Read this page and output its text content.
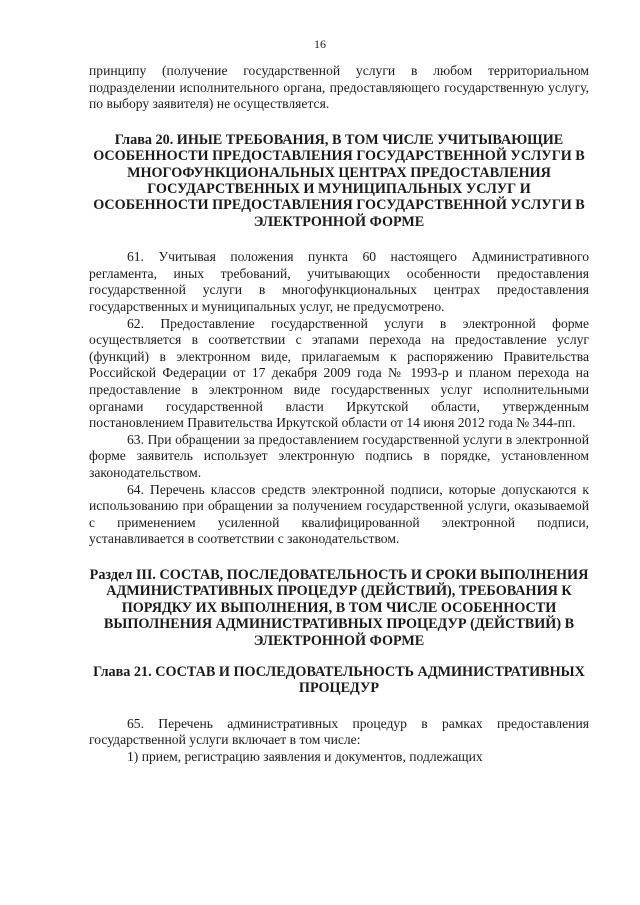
16

принципу (получение государственной услуги в любом территориальном подразделении исполнительного органа, предоставляющего государственную услугу, по выбору заявителя) не осуществляется.

Глава 20. ИНЫЕ ТРЕБОВАНИЯ, В ТОМ ЧИСЛЕ УЧИТЫВАЮЩИЕ ОСОБЕННОСТИ ПРЕДОСТАВЛЕНИЯ ГОСУДАРСТВЕННОЙ УСЛУГИ В МНОГОФУНКЦИОНАЛЬНЫХ ЦЕНТРАХ ПРЕДОСТАВЛЕНИЯ ГОСУДАРСТВЕННЫХ И МУНИЦИПАЛЬНЫХ УСЛУГ И ОСОБЕННОСТИ ПРЕДОСТАВЛЕНИЯ ГОСУДАРСТВЕННОЙ УСЛУГИ В ЭЛЕКТРОННОЙ ФОРМЕ

61. Учитывая положения пункта 60 настоящего Административного регламента, иных требований, учитывающих особенности предоставления государственной услуги в многофункциональных центрах предоставления государственных и муниципальных услуг, не предусмотрено.

62. Предоставление государственной услуги в электронной форме осуществляется в соответствии с этапами перехода на предоставление услуг (функций) в электронном виде, прилагаемым к распоряжению Правительства Российской Федерации от 17 декабря 2009 года № 1993-р и планом перехода на предоставление в электронном виде государственных услуг исполнительными органами государственной власти Иркутской области, утвержденным постановлением Правительства Иркутской области от 14 июня 2012 года № 344-пп.

63. При обращении за предоставлением государственной услуги в электронной форме заявитель использует электронную подпись в порядке, установленном законодательством.

64. Перечень классов средств электронной подписи, которые допускаются к использованию при обращении за получением государственной услуги, оказываемой с применением усиленной квалифицированной электронной подписи, устанавливается в соответствии с законодательством.

Раздел III. СОСТАВ, ПОСЛЕДОВАТЕЛЬНОСТЬ И СРОКИ ВЫПОЛНЕНИЯ АДМИНИСТРАТИВНЫХ ПРОЦЕДУР (ДЕЙСТВИЙ), ТРЕБОВАНИЯ К ПОРЯДКУ ИХ ВЫПОЛНЕНИЯ, В ТОМ ЧИСЛЕ ОСОБЕННОСТИ ВЫПОЛНЕНИЯ АДМИНИСТРАТИВНЫХ ПРОЦЕДУР (ДЕЙСТВИЙ) В ЭЛЕКТРОННОЙ ФОРМЕ
Глава 21. СОСТАВ И ПОСЛЕДОВАТЕЛЬНОСТЬ АДМИНИСТРАТИВНЫХ ПРОЦЕДУР

65. Перечень административных процедур в рамках предоставления государственной услуги включает в том числе:

1) прием, регистрацию заявления и документов, подлежащих
